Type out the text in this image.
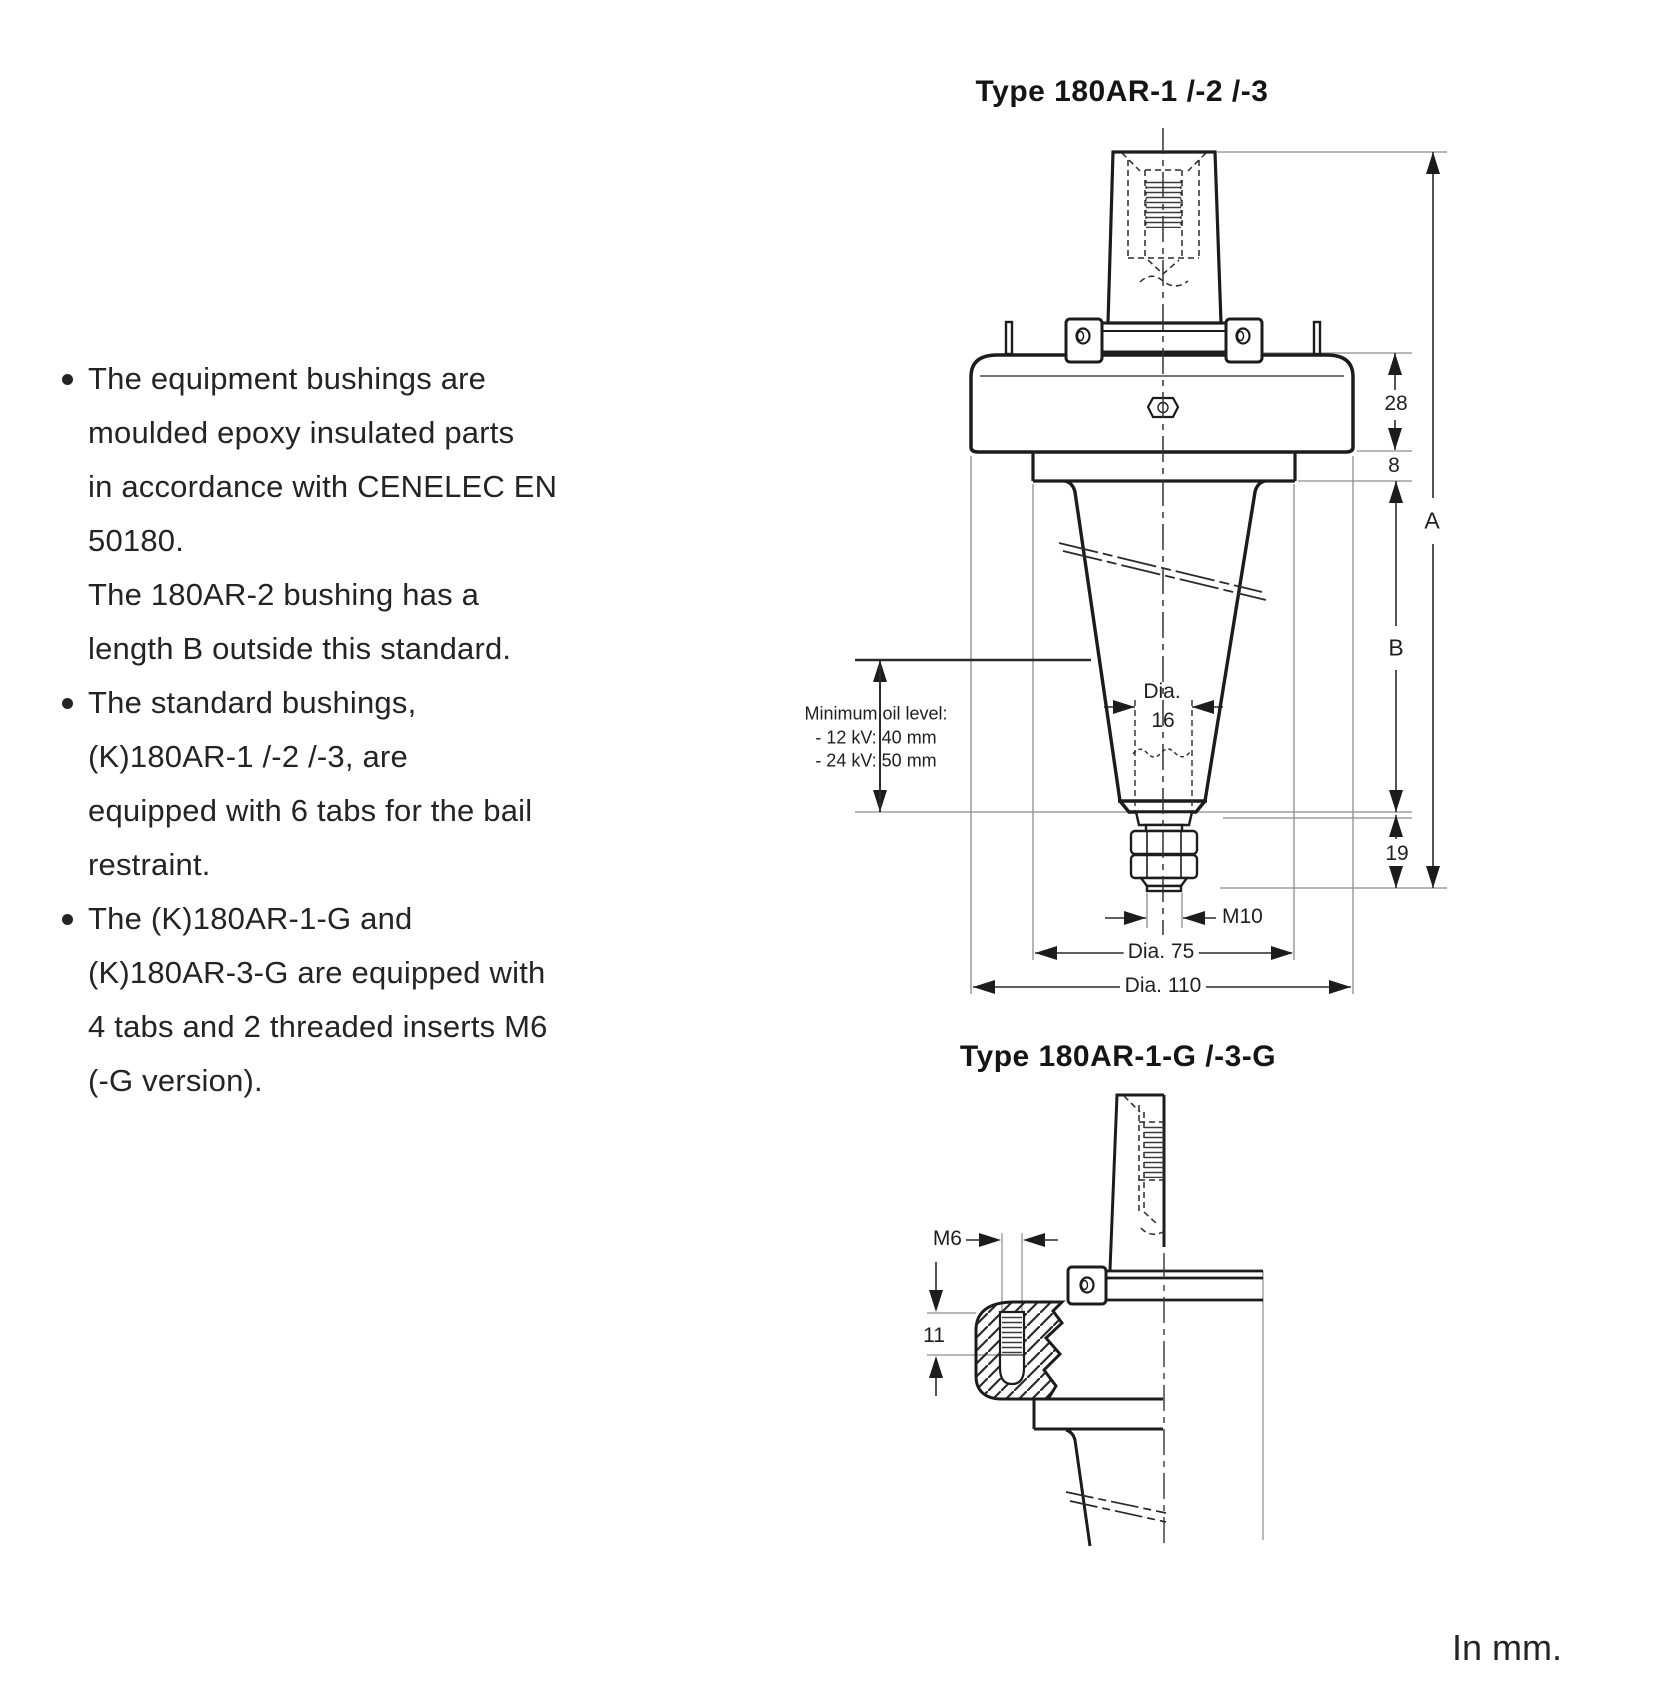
Type 180AR-1 /-2 /-3
The equipment bushings are
moulded epoxy insulated parts
in accordance with CENELEC EN
50180.
The 180AR-2 bushing has a
length B outside this standard.
The standard bushings,
(K)180AR-1 /-2 /-3, are
equipped with 6 tabs for the bail
restraint.
The (K)180AR-1-G and
(K)180AR-3-G are equipped with
4 tabs and 2 threaded inserts M6
(-G version).
Minimum oil level:
- 12 kV: 40 mm
- 24 kV: 50 mm
28
8
A
B
19
M10
Dia.
16
Dia. 75
Dia. 110
Type 180AR-1-G /-3-G
M6
11
In mm.
